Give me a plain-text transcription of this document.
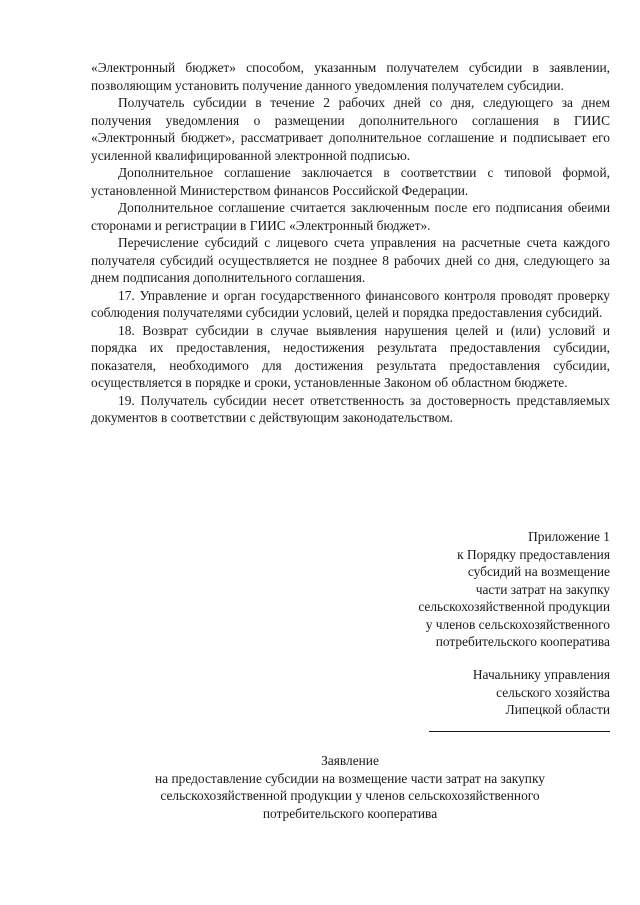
«Электронный бюджет» способом, указанным получателем субсидии в заявлении, позволяющим установить получение данного уведомления получателем субсидии.

Получатель субсидии в течение 2 рабочих дней со дня, следующего за днем получения уведомления о размещении дополнительного соглашения в ГИИС «Электронный бюджет», рассматривает дополнительное соглашение и подписывает его усиленной квалифицированной электронной подписью.

Дополнительное соглашение заключается в соответствии с типовой формой, установленной Министерством финансов Российской Федерации.

Дополнительное соглашение считается заключенным после его подписания обеими сторонами и регистрации в ГИИС «Электронный бюджет».

Перечисление субсидий с лицевого счета управления на расчетные счета каждого получателя субсидий осуществляется не позднее 8 рабочих дней со дня, следующего за днем подписания дополнительного соглашения.

17. Управление и орган государственного финансового контроля проводят проверку соблюдения получателями субсидии условий, целей и порядка предоставления субсидий.

18. Возврат субсидии в случае выявления нарушения целей и (или) условий и порядка их предоставления, недостижения результата предоставления субсидии, показателя, необходимого для достижения результата предоставления субсидии, осуществляется в порядке и сроки, установленные Законом об областном бюджете.

19. Получатель субсидии несет ответственность за достоверность представляемых документов в соответствии с действующим законодательством.

Приложение 1
к Порядку предоставления
субсидий на возмещение
части затрат на закупку
сельскохозяйственной продукции
у членов сельскохозяйственного
потребительского кооператива
Начальнику управления
сельского хозяйства
Липецкой области
Заявление
на предоставление субсидии на возмещение части затрат на закупку
сельскохозяйственной продукции у членов сельскохозяйственного
потребительского кооператива
